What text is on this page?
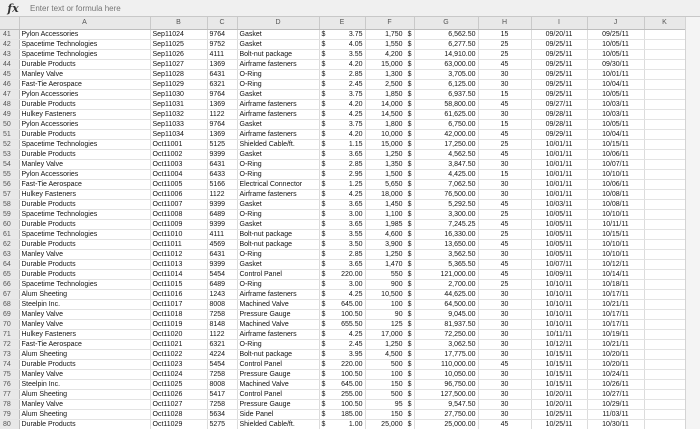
fx
Enter text or formula here
	A	B	C	D	E	F	G	H	I	J	K
41	Pylon Accessories	Sep11024	9764	Gasket	$ 3.75	1,750 $	6,562.50	15	09/20/11	09/25/11	
42	Spacetime Technologies	Sep11025	9752	Gasket	$ 4.05	1,550 $	6,277.50	25	09/25/11	10/05/11	
43	Spacetime Technologies	Sep11026	4111	Bolt-nut package	$ 3.55	4,200 $	14,910.00	25	09/25/11	10/05/11	
44	Durable Products	Sep11027	1369	Airframe fasteners	$ 4.20	15,000 $	63,000.00	45	09/25/11	09/30/11	
45	Manley Valve	Sep11028	6431	O-Ring	$ 2.85	1,300 $	3,705.00	30	09/25/11	10/01/11	
46	Fast-Tie Aerospace	Sep11029	6321	O-Ring	$ 2.45	2,500 $	6,125.00	30	09/25/11	10/04/11	
47	Pylon Accessories	Sep11030	9764	Gasket	$ 3.75	1,850 $	6,937.50	15	09/25/11	10/05/11	
48	Durable Products	Sep11031	1369	Airframe fasteners	$ 4.20	14,000 $	58,800.00	45	09/27/11	10/03/11	
49	Hulkey Fasteners	Sep11032	1122	Airframe fasteners	$ 4.25	14,500 $	61,625.00	30	09/28/11	10/03/11	
50	Pylon Accessories	Sep11033	9764	Gasket	$ 3.75	1,800 $	6,750.00	15	09/28/11	10/05/11	
51	Durable Products	Sep11034	1369	Airframe fasteners	$ 4.20	10,000 $	42,000.00	45	09/29/11	10/04/11	
52	Spacetime Technologies	Oct11001	5125	Shielded Cable/ft.	$ 1.15	15,000 $	17,250.00	25	10/01/11	10/15/11	
53	Durable Products	Oct11002	9399	Gasket	$ 3.65	1,250 $	4,562.50	45	10/01/11	10/06/11	
54	Manley Valve	Oct11003	6431	O-Ring	$ 2.85	1,350 $	3,847.50	30	10/01/11	10/07/11	
55	Pylon Accessories	Oct11004	6433	O-Ring	$ 2.95	1,500 $	4,425.00	15	10/01/11	10/10/11	
56	Fast-Tie Aerospace	Oct11005	5166	Electrical Connector	$ 1.25	5,650 $	7,062.50	30	10/01/11	10/06/11	
57	Hulkey Fasteners	Oct11006	1122	Airframe fasteners	$ 4.25	18,000 $	76,500.00	30	10/01/11	10/08/11	
58	Durable Products	Oct11007	9399	Gasket	$ 3.65	1,450 $	5,292.50	45	10/03/11	10/08/11	
59	Spacetime Technologies	Oct11008	6489	O-Ring	$ 3.00	1,100 $	3,300.00	25	10/05/11	10/10/11	
60	Durable Products	Oct11009	9399	Gasket	$ 3.65	1,985 $	7,245.25	45	10/05/11	10/11/11	
61	Spacetime Technologies	Oct11010	4111	Bolt-nut package	$ 3.55	4,600 $	16,330.00	25	10/05/11	10/15/11	
62	Durable Products	Oct11011	4569	Bolt-nut package	$ 3.50	3,900 $	13,650.00	45	10/05/11	10/10/11	
63	Manley Valve	Oct11012	6431	O-Ring	$ 2.85	1,250 $	3,562.50	30	10/05/11	10/10/11	
64	Durable Products	Oct11013	9399	Gasket	$ 3.65	1,470 $	5,365.50	45	10/07/11	10/12/11	
65	Durable Products	Oct11014	5454	Control Panel	$ 220.00	550 $	121,000.00	45	10/09/11	10/14/11	
66	Spacetime Technologies	Oct11015	6489	O-Ring	$ 3.00	900 $	2,700.00	25	10/10/11	10/18/11	
67	Alum Sheeting	Oct11016	1243	Airframe fasteners	$ 4.25	10,500 $	44,625.00	30	10/10/11	10/17/11	
68	Steelpin Inc.	Oct11017	8008	Machined Valve	$ 645.00	100 $	64,500.00	30	10/10/11	10/21/11	
69	Manley Valve	Oct11018	7258	Pressure Gauge	$ 100.50	90 $	9,045.00	30	10/10/11	10/17/11	
70	Manley Valve	Oct11019	8148	Machined Valve	$ 655.50	125 $	81,937.50	30	10/10/11	10/17/11	
71	Hulkey Fasteners	Oct11020	1122	Airframe fasteners	$ 4.25	17,000 $	72,250.00	30	10/11/11	10/19/11	
72	Fast-Tie Aerospace	Oct11021	6321	O-Ring	$ 2.45	1,250 $	3,062.50	30	10/12/11	10/21/11	
73	Alum Sheeting	Oct11022	4224	Bolt-nut package	$ 3.95	4,500 $	17,775.00	30	10/15/11	10/20/11	
74	Durable Products	Oct11023	5454	Control Panel	$ 220.00	500 $	110,000.00	45	10/15/11	10/20/11	
75	Manley Valve	Oct11024	7258	Pressure Gauge	$ 100.50	100 $	10,050.00	30	10/15/11	10/24/11	
76	Steelpin Inc.	Oct11025	8008	Machined Valve	$ 645.00	150 $	96,750.00	30	10/15/11	10/26/11	
77	Alum Sheeting	Oct11026	5417	Control Panel	$ 255.00	500 $	127,500.00	30	10/20/11	10/27/11	
78	Manley Valve	Oct11027	7258	Pressure Gauge	$ 100.50	95 $	9,547.50	30	10/20/11	10/29/11	
79	Alum Sheeting	Oct11028	5634	Side Panel	$ 185.00	150 $	27,750.00	30	10/25/11	11/03/11	
80	Durable Products	Oct11029	5275	Shielded Cable/ft.	$ 1.00	25,000 $	25,000.00	45	10/25/11	10/30/11	
